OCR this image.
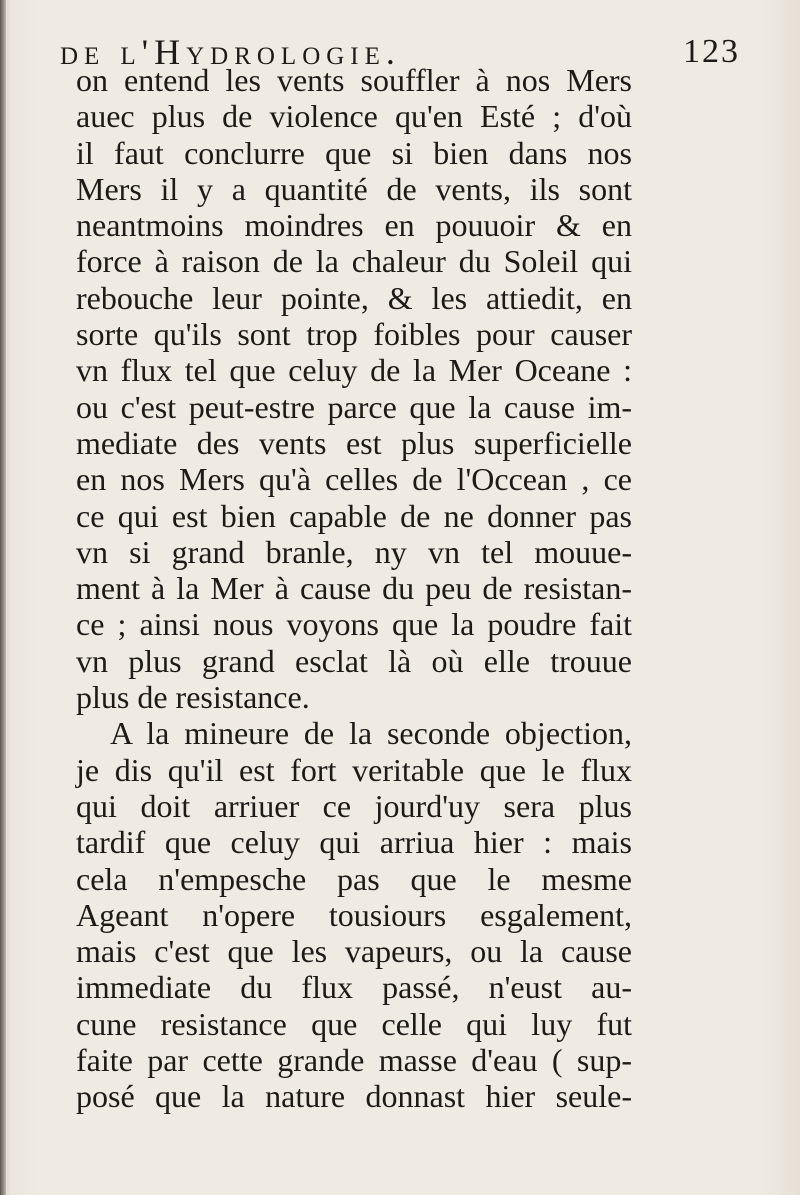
de l'Hydrologie.	123
on entend les vents souffler à nos Mers
auec plus de violence qu'en Esté ; d'où
il faut conclurre que si bien dans nos
Mers il y a quantité de vents, ils sont
neantmoins moindres en pouuoir & en
force à raison de la chaleur du Soleil qui
rebouche leur pointe, & les attiedit, en
sorte qu'ils sont trop foibles pour causer
vn flux tel que celuy de la Mer Oceane :
ou c'est peut-estre parce que la cause im-
mediate des vents est plus superficielle
en nos Mers qu'à celles de l'Occean , ce
ce qui est bien capable de ne donner pas
vn si grand branle, ny vn tel mouue-
ment à la Mer à cause du peu de resistan-
ce ; ainsi nous voyons que la poudre fait
vn plus grand esclat là où elle trouue
plus de resistance.
A la mineure de la seconde objection,
je dis qu'il est fort veritable que le flux
qui doit arriuer ce jourd'uy sera plus
tardif que celuy qui arriua hier : mais
cela n'empesche pas que le mesme
Ageant n'opere tousiours esgalement,
mais c'est que les vapeurs, ou la cause
immediate du flux passé, n'eust au-
cune resistance que celle qui luy fut
faite par cette grande masse d'eau ( sup-
posé que la nature donnast hier seule-
